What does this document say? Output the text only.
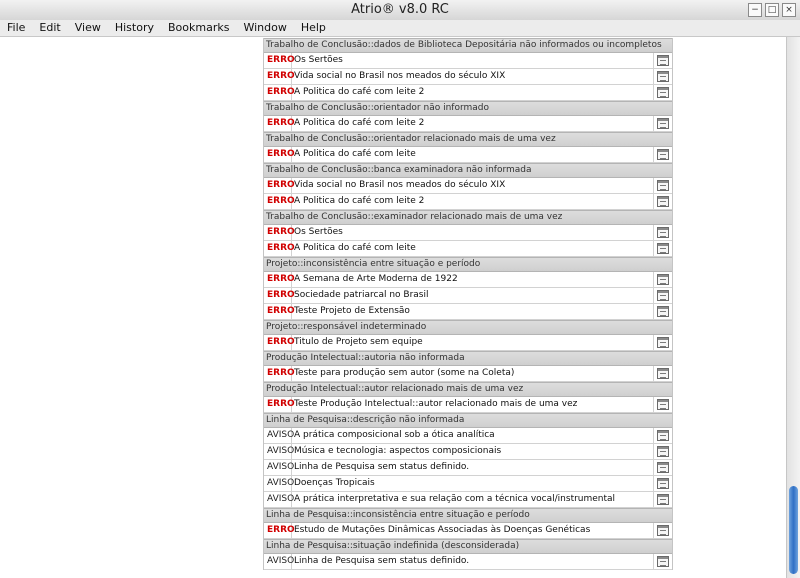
Atrio® v8.0 RC	− □ ×
File	Edit	View	History	Bookmarks	Window	Help
Trabalho de Conclusão::dados de Biblioteca Depositária não informados ou incompletos
ERRO Os Sertões
ERRO Vida social no Brasil nos meados do século XIX
ERRO A Politica do café com leite 2
Trabalho de Conclusão::orientador não informado
ERRO A Politica do café com leite 2
Trabalho de Conclusão::orientador relacionado mais de uma vez
ERRO A Politica do café com leite
Trabalho de Conclusão::banca examinadora não informada
ERRO Vida social no Brasil nos meados do século XIX
ERRO A Politica do café com leite 2
Trabalho de Conclusão::examinador relacionado mais de uma vez
ERRO Os Sertões
ERRO A Politica do café com leite
Projeto::inconsistência entre situação e período
ERRO A Semana de Arte Moderna de 1922
ERRO Sociedade patriarcal no Brasil
ERRO Teste Projeto de Extensão
Projeto::responsável indeterminado
ERRO Titulo de Projeto sem equipe
Produção Intelectual::autoria não informada
ERRO Teste para produção sem autor (some na Coleta)
Produção Intelectual::autor relacionado mais de uma vez
ERRO Teste Produção Intelectual::autor relacionado mais de uma vez
Linha de Pesquisa::descrição não informada
AVISO A prática composicional sob a ótica analítica
AVISO Música e tecnologia: aspectos composicionais
AVISO Linha de Pesquisa sem status definido.
AVISO Doenças Tropicais
AVISO A prática interpretativa e sua relação com a técnica vocal/instrumental
Linha de Pesquisa::inconsistência entre situação e período
ERRO Estudo de Mutações Dinâmicas Associadas às Doenças Genéticas
Linha de Pesquisa::situação indefinida (desconsiderada)
AVISO Linha de Pesquisa sem status definido.
